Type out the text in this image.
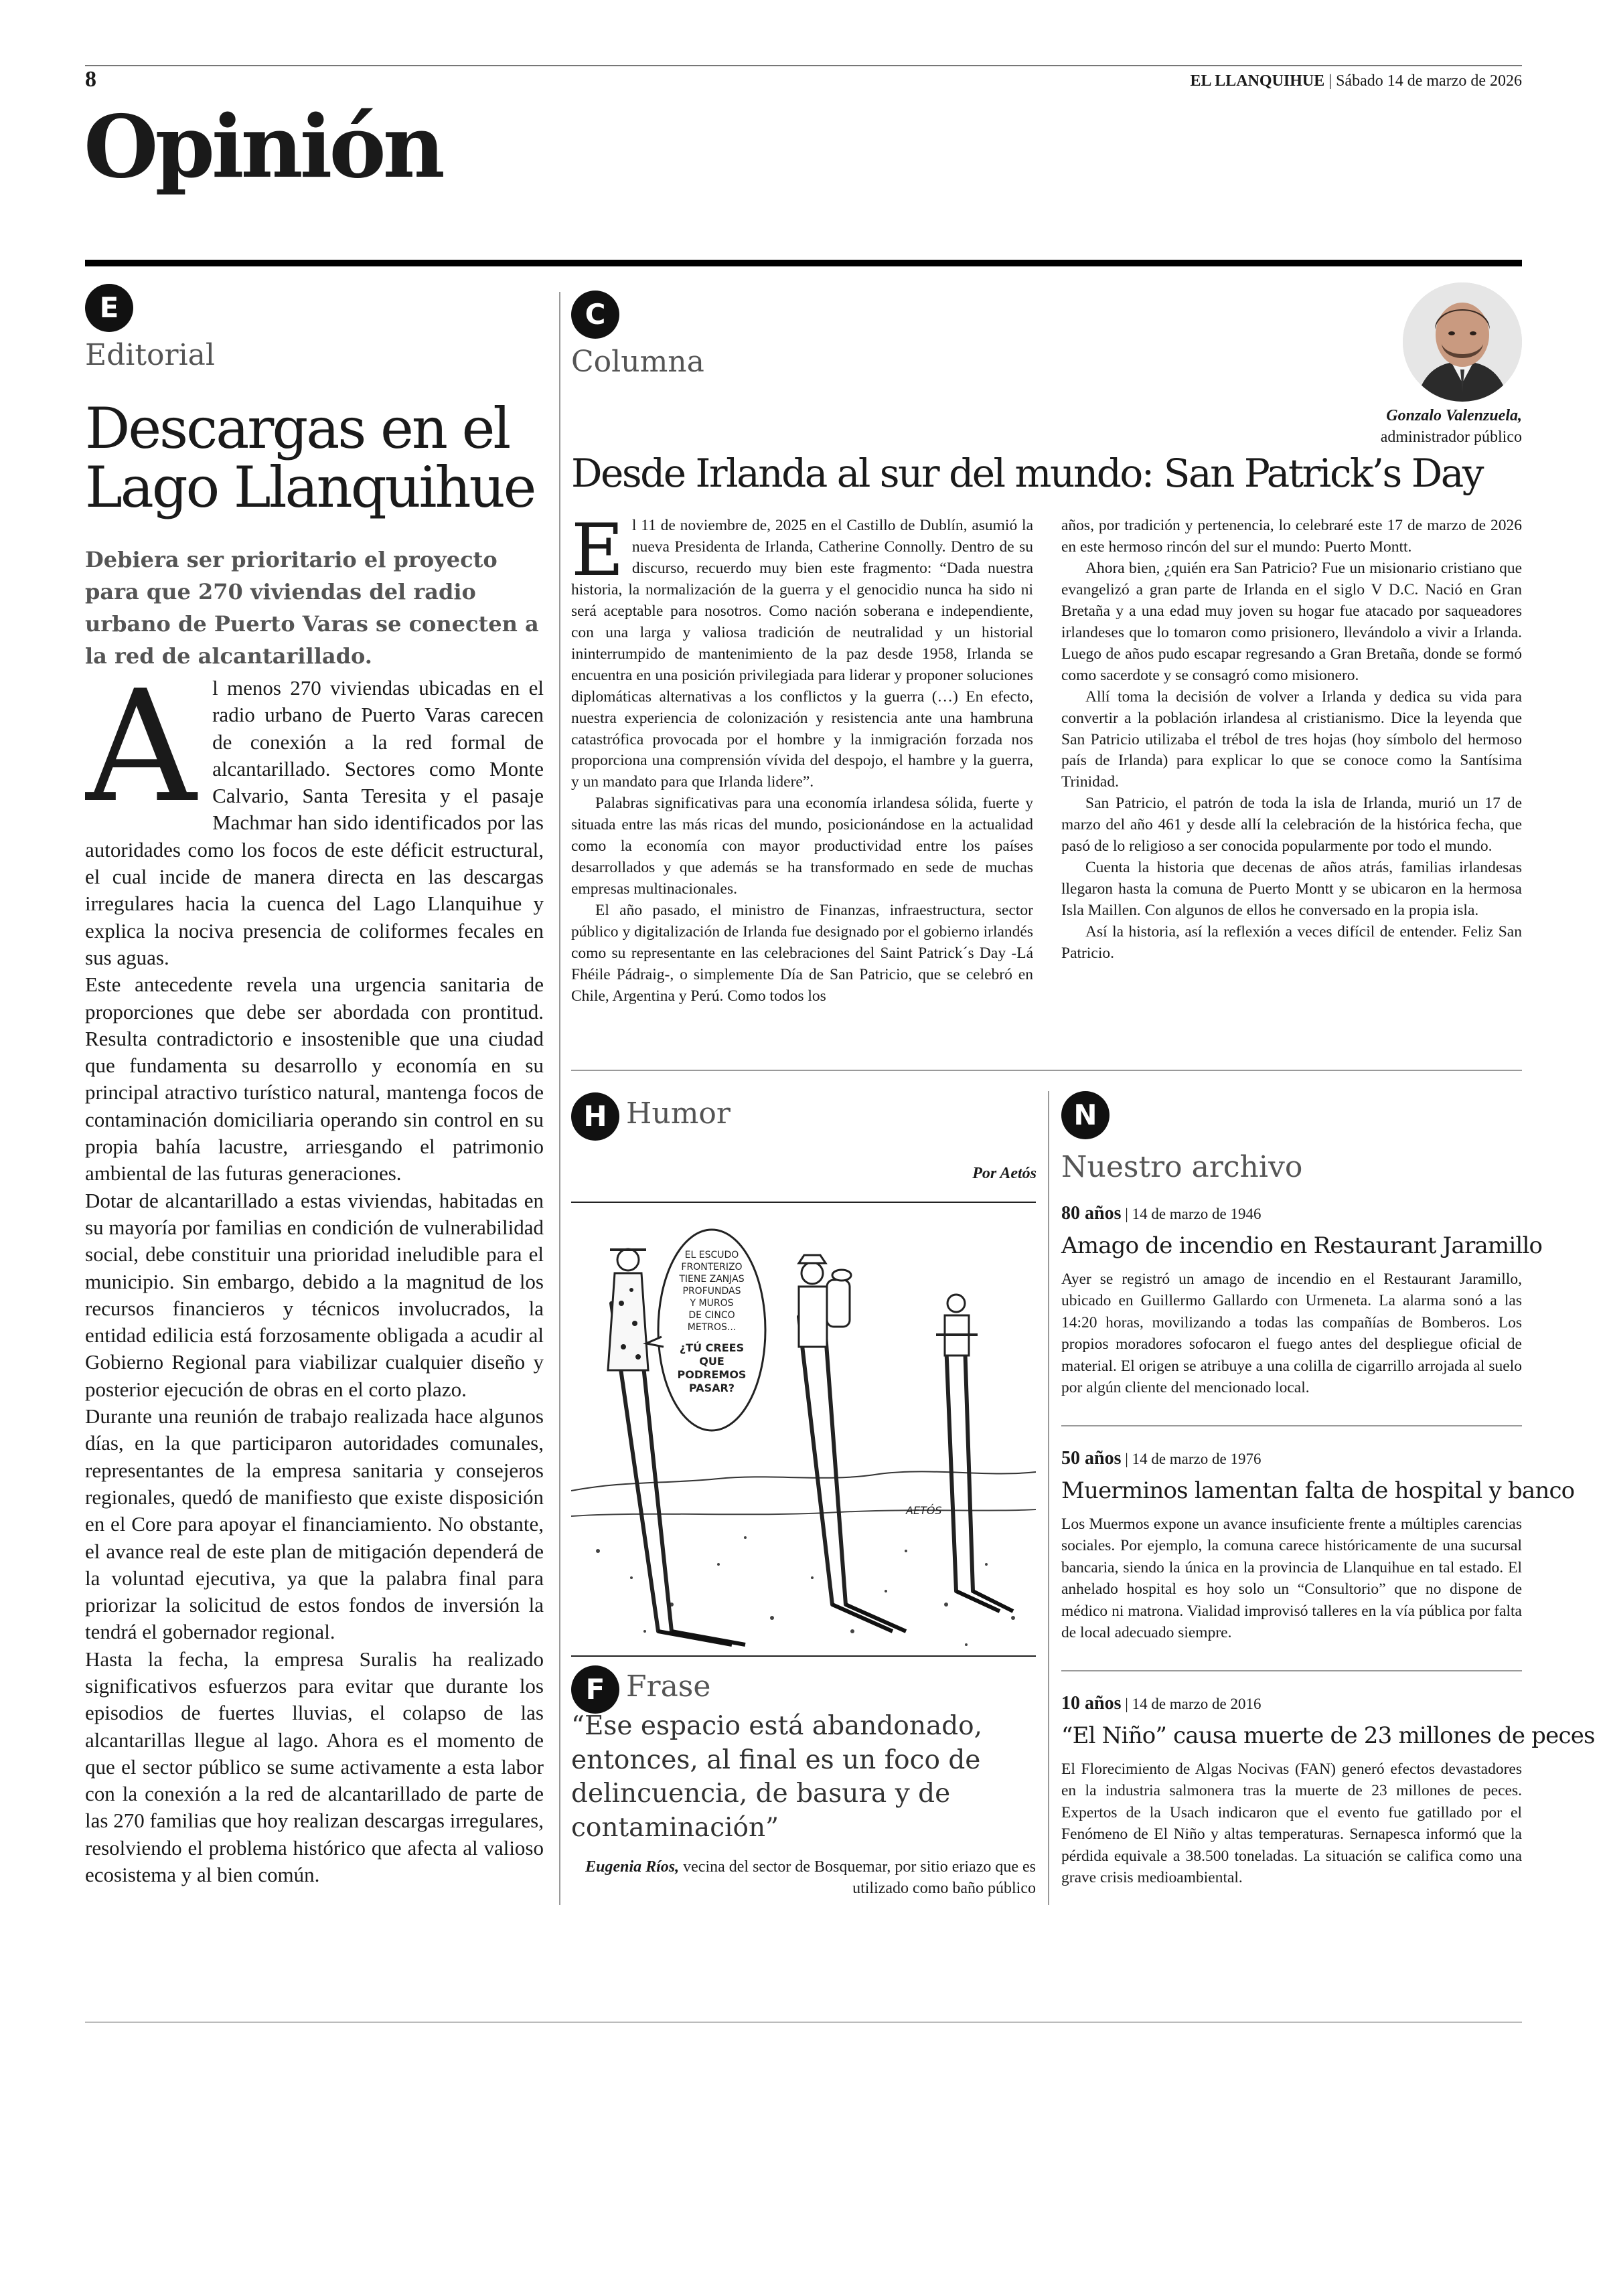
8	EL LLANQUIHUE | Sábado 14 de marzo de 2026
Opinión
E
Editorial
Descargas en el
Lago Llanquihue
Debiera ser prioritario el proyecto para que 270 viviendas del radio urbano de Puerto Varas se conecten a la red de alcantarillado.
A l menos 270 viviendas ubicadas en el radio urbano de Puerto Varas carecen de conexión a la red formal de alcantarillado. Sectores como Monte Calvario, Santa Teresita y el pasaje Machmar han sido identificados por las autoridades como los focos de este déficit estructural, el cual incide de manera directa en las descargas irregulares hacia la cuenca del Lago Llanquihue y explica la nociva presencia de coliformes fecales en sus aguas.

Este antecedente revela una urgencia sanitaria de proporciones que debe ser abordada con prontitud. Resulta contradictorio e insostenible que una ciudad que fundamenta su desarrollo y economía en su principal atractivo turístico natural, mantenga focos de contaminación domiciliaria operando sin control en su propia bahía lacustre, arriesgando el patrimonio ambiental de las futuras generaciones.

Dotar de alcantarillado a estas viviendas, habitadas en su mayoría por familias en condición de vulnerabilidad social, debe constituir una prioridad ineludible para el municipio. Sin embargo, debido a la magnitud de los recursos financieros y técnicos involucrados, la entidad edilicia está forzosamente obligada a acudir al Gobierno Regional para viabilizar cualquier diseño y posterior ejecución de obras en el corto plazo.

Durante una reunión de trabajo realizada hace algunos días, en la que participaron autoridades comunales, representantes de la empresa sanitaria y consejeros regionales, quedó de manifiesto que existe disposición en el Core para apoyar el financiamiento. No obstante, el avance real de este plan de mitigación dependerá de la voluntad ejecutiva, ya que la palabra final para priorizar la solicitud de estos fondos de inversión la tendrá el gobernador regional.

Hasta la fecha, la empresa Suralis ha realizado significativos esfuerzos para evitar que durante los episodios de fuertes lluvias, el colapso de las alcantarillas llegue al lago. Ahora es el momento de que el sector público se sume activamente a esta labor con la conexión a la red de alcantarillado de parte de las 270 familias que hoy realizan descargas irregulares, resolviendo el problema histórico que afecta al valioso ecosistema y al bien común.

C
Columna
Gonzalo Valenzuela,
administrador público
Desde Irlanda al sur del mundo: San Patrick’s Day
E l 11 de noviembre de, 2025 en el Castillo de Dublín, asumió la nueva Presidenta de Irlanda, Catherine Connolly. Dentro de su discurso, recuerdo muy bien este fragmento: “Dada nuestra historia, la normalización de la guerra y el genocidio nunca ha sido ni será aceptable para nosotros. Como nación soberana e independiente, con una larga y valiosa tradición de neutralidad y un historial ininterrumpido de mantenimiento de la paz desde 1958, Irlanda se encuentra en una posición privilegiada para liderar y proponer soluciones diplomáticas alternativas a los conflictos y la guerra (…) En efecto, nuestra experiencia de colonización y resistencia ante una hambruna catastrófica provocada por el hombre y la inmigración forzada nos proporciona una comprensión vívida del despojo, el hambre y la guerra, y un mandato para que Irlanda lidere”.

Palabras significativas para una economía irlandesa sólida, fuerte y situada entre las más ricas del mundo, posicionándose en la actualidad como la economía con mayor productividad entre los países desarrollados y que además se ha transformado en sede de muchas empresas multinacionales.

El año pasado, el ministro de Finanzas, infraestructura, sector público y digitalización de Irlanda fue designado por el gobierno irlandés como su representante en las celebraciones del Saint Patrick´s Day -Lá Fhéile Pádraig-, o simplemente Día de San Patricio, que se celebró en Chile, Argentina y Perú. Como todos los

años, por tradición y pertenencia, lo celebraré este 17 de marzo de 2026 en este hermoso rincón del sur el mundo: Puerto Montt.

Ahora bien, ¿quién era San Patricio? Fue un misionario cristiano que evangelizó a gran parte de Irlanda en el siglo V D.C. Nació en Gran Bretaña y a una edad muy joven su hogar fue atacado por saqueadores irlandeses que lo tomaron como prisionero, llevándolo a vivir a Irlanda. Luego de años pudo escapar regresando a Gran Bretaña, donde se formó como sacerdote y se consagró como misionero.

Allí toma la decisión de volver a Irlanda y dedica su vida para convertir a la población irlandesa al cristianismo. Dice la leyenda que San Patricio utilizaba el trébol de tres hojas (hoy símbolo del hermoso país de Irlanda) para explicar lo que se conoce como la Santísima Trinidad.

San Patricio, el patrón de toda la isla de Irlanda, murió un 17 de marzo del año 461 y desde allí la celebración de la histórica fecha, que pasó de lo religioso a ser conocida popularmente por todo el mundo.

Cuenta la historia que decenas de años atrás, familias irlandesas llegaron hasta la comuna de Puerto Montt y se ubicaron en la hermosa Isla Maillen. Con algunos de ellos he conversado en la propia isla.

Así la historia, así la reflexión a veces difícil de entender. Feliz San Patricio.

H Humor
Por Aetós
EL ESCUDO
FRONTERIZO
TIENE ZANJAS
PROFUNDAS
Y MUROS
DE CINCO
METROS...
¿TÚ CREES
QUE
PODREMOS
PASAR?
AETÓS
F Frase
“Ese espacio está abandonado, entonces, al final es un foco de delincuencia, de basura y de contaminación”
Eugenia Ríos, vecina del sector de Bosquemar, por sitio eriazo que es utilizado como baño público
N
Nuestro archivo
80 años | 14 de marzo de 1946
Amago de incendio en Restaurant Jaramillo
Ayer se registró un amago de incendio en el Restaurant Jaramillo, ubicado en Guillermo Gallardo con Urmeneta. La alarma sonó a las 14:20 horas, movilizando a todas las compañías de Bomberos. Los propios moradores sofocaron el fuego antes del despliegue oficial de material. El origen se atribuye a una colilla de cigarrillo arrojada al suelo por algún cliente del mencionado local.
50 años | 14 de marzo de 1976
Muerminos lamentan falta de hospital y banco
Los Muermos expone un avance insuficiente frente a múltiples carencias sociales. Por ejemplo, la comuna carece históricamente de una sucursal bancaria, siendo la única en la provincia de Llanquihue en tal estado. El anhelado hospital es hoy solo un “Consultorio” que no dispone de médico ni matrona. Vialidad improvisó talleres en la vía pública por falta de local adecuado siempre.
10 años | 14 de marzo de 2016
“El Niño” causa muerte de 23 millones de peces
El Florecimiento de Algas Nocivas (FAN) generó efectos devastadores en la industria salmonera tras la muerte de 23 millones de peces. Expertos de la Usach indicaron que el evento fue gatillado por el Fenómeno de El Niño y altas temperaturas. Sernapesca informó que la pérdida equivale a 38.500 toneladas. La situación se califica como una grave crisis medioambiental.
